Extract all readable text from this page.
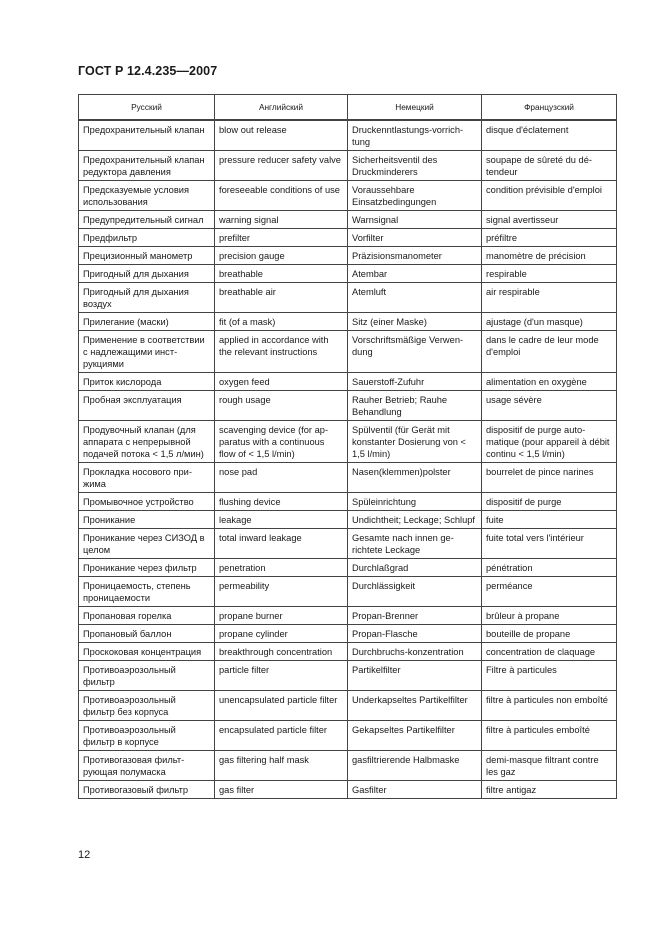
ГОСТ Р 12.4.235—2007
Русский	Английский	Немецкий	Французский
Предохранительный клапан	blow out release	Druckenntlastungs-vorrichtung	disque d'éclatement
Предохранительный клапан редуктора давления	pressure reducer safety valve	Sicherheitsventil des Druckminderers	soupape de sûreté du détendeur
Предсказуемые условия использования	foreseeable conditions of use	Voraussehbare Einsatzbedingungen	condition prévisible d'emploi
Предупредительный сигнал	warning signal	Warnsignal	signal avertisseur
Предфильтр	prefilter	Vorfilter	préfiltre
Прецизионный манометр	precision gauge	Präzisionsmanometer	manomètre de précision
Пригодный для дыхания	breathable	Atembar	respirable
Пригодный для дыхания воздух	breathable air	Atemluft	air respirable
Прилегание (маски)	fit (of a mask)	Sitz (einer Maske)	ajustage (d'un masque)
Применение в соответствии с надлежащими инструкциями	applied in accordance with the relevant instructions	Vorschriftsmäßige Verwendung	dans le cadre de leur mode d'emploi
Приток кислорода	oxygen feed	Sauerstoff-Zufuhr	alimentation en oxygène
Пробная эксплуатация	rough usage	Rauher Betrieb; Rauhe Behandlung	usage sévère
Продувочный клапан (для аппарата с непрерывной подачей потока < 1,5 л/мин)	scavenging device (for apparatus with a continuous flow of < 1,5 l/min)	Spülventil (für Gerät mit konstanter Dosierung von < 1,5 l/min)	dispositif de purge automatique (pour appareil à débit continu < 1,5 l/min)
Прокладка носового прижима	nose pad	Nasen(klemmen)polster	bourrelet de pince narines
Промывочное устройство	flushing device	Spüleinrichtung	dispositif de purge
Проникание	leakage	Undichtheit; Leckage; Schlupf	fuite
Проникание через СИЗОД в целом	total inward leakage	Gesamte nach innen gerichtete Leckage	fuite total vers l'intérieur
Проникание через фильтр	penetration	Durchlaßgrad	pénétration
Проницаемость, степень проницаемости	permeability	Durchlässigkeit	perméance
Пропановая горелка	propane burner	Propan-Brenner	brûleur à propane
Пропановый баллон	propane cylinder	Propan-Flasche	bouteille de propane
Проскоковая концентрация	breakthrough concentration	Durchbruchs-konzentration	concentration de claquage
Противоаэрозольный фильтр	particle filter	Partikelfilter	Filtre à particules
Противоаэрозольный фильтр без корпуса	unencapsulated particle filter	Underkapseltes Partikelfilter	filtre à particules non emboîté
Противоаэрозольный фильтр в корпусе	encapsulated particle filter	Gekapseltes Partikelfilter	filtre à particules emboîté
Противогазовая фильтрующая полумаска	gas filtering half mask	gasfiltrierende Halbmaske	demi-masque filtrant contre les gaz
Противогазовый фильтр	gas filter	Gasfilter	filtre antigaz
12
